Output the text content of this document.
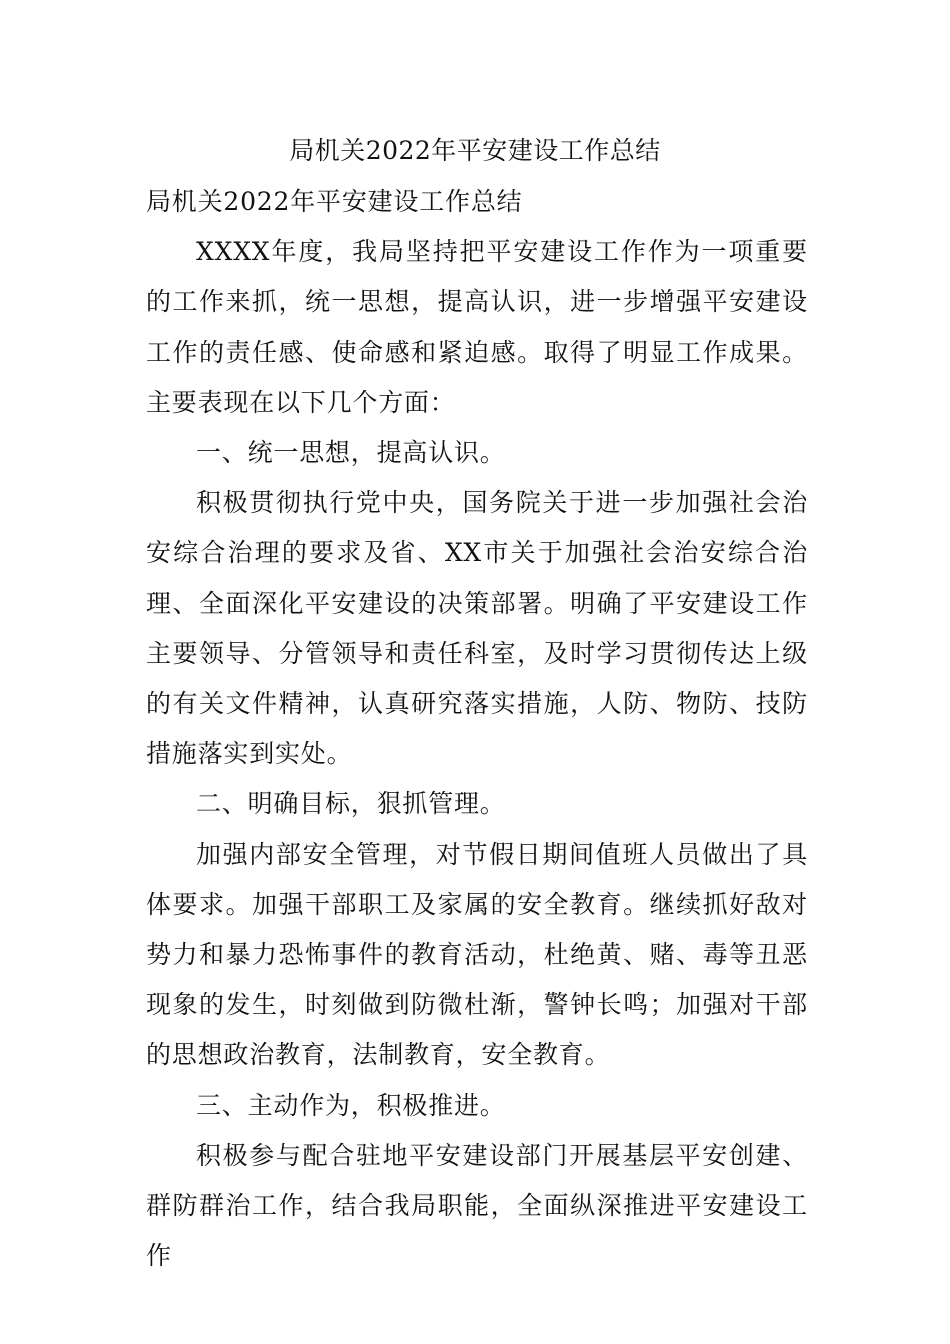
局机关2022年平安建设工作总结

局机关2022年平安建设工作总结

XXXX年度，我局坚持把平安建设工作作为一项重要的工作来抓，统一思想，提高认识，进一步增强平安建设工作的责任感、使命感和紧迫感。取得了明显工作成果。主要表现在以下几个方面：

一、统一思想，提高认识。

积极贯彻执行党中央，国务院关于进一步加强社会治安综合治理的要求及省、XX市关于加强社会治安综合治理、全面深化平安建设的决策部署。明确了平安建设工作主要领导、分管领导和责任科室，及时学习贯彻传达上级的有关文件精神，认真研究落实措施，人防、物防、技防措施落实到实处。

二、明确目标，狠抓管理。

加强内部安全管理，对节假日期间值班人员做出了具体要求。加强干部职工及家属的安全教育。继续抓好敌对势力和暴力恐怖事件的教育活动，杜绝黄、赌、毒等丑恶现象的发生，时刻做到防微杜渐，警钟长鸣；加强对干部的思想政治教育，法制教育，安全教育。

三、主动作为，积极推进。

积极参与配合驻地平安建设部门开展基层平安创建、群防群治工作，结合我局职能，全面纵深推进平安建设工作
